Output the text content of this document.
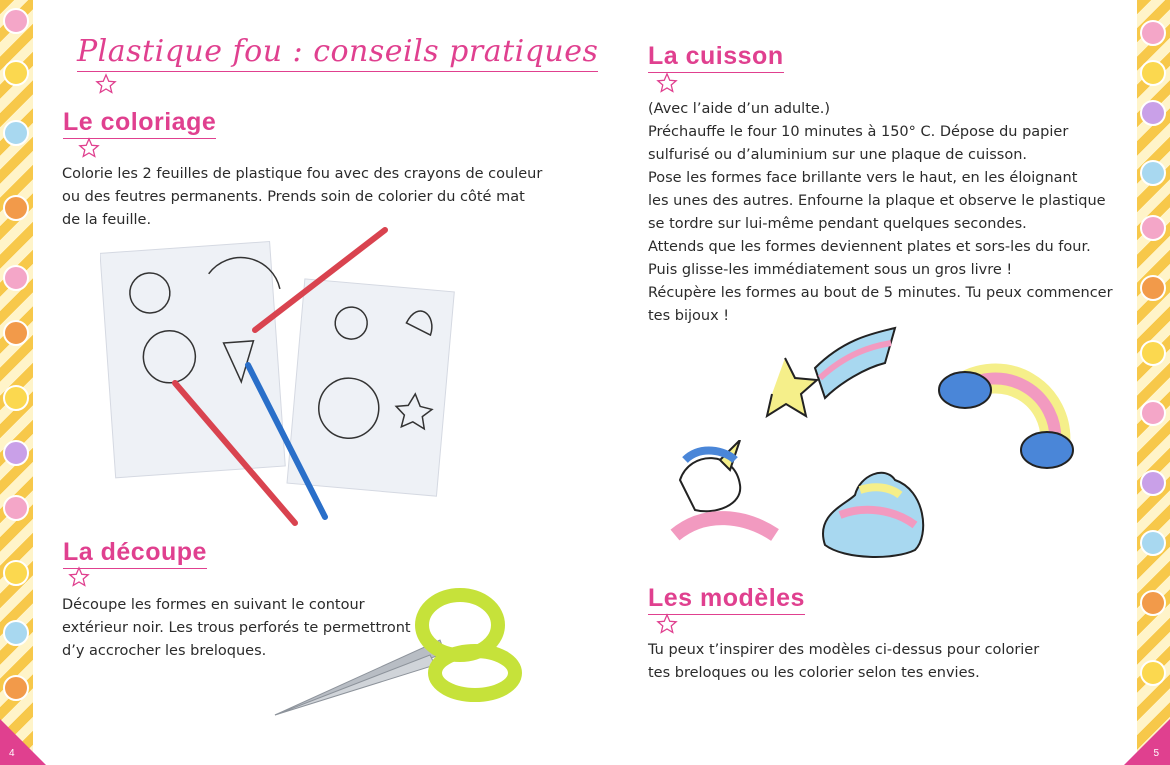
4	5
Plastique fou : conseils pratiques
Le coloriage
Colorie les 2 feuilles de plastique fou avec des crayons de couleur
ou des feutres permanents. Prends soin de colorier du côté mat
de la feuille.
La découpe
Découpe les formes en suivant le contour
extérieur noir. Les trous perforés te permettront
d’y accrocher les breloques.
La cuisson
(Avec l’aide d’un adulte.)
Préchauffe le four 10 minutes à 150° C. Dépose du papier
sulfurisé ou d’aluminium sur une plaque de cuisson.
Pose les formes face brillante vers le haut, en les éloignant
les unes des autres. Enfourne la plaque et observe le plastique
se tordre sur lui-même pendant quelques secondes.
Attends que les formes deviennent plates et sors-les du four.
Puis glisse-les immédiatement sous un gros livre !
Récupère les formes au bout de 5 minutes. Tu peux commencer
tes bijoux !
Les modèles
Tu peux t’inspirer des modèles ci-dessus pour colorier
tes breloques ou les colorier selon tes envies.
